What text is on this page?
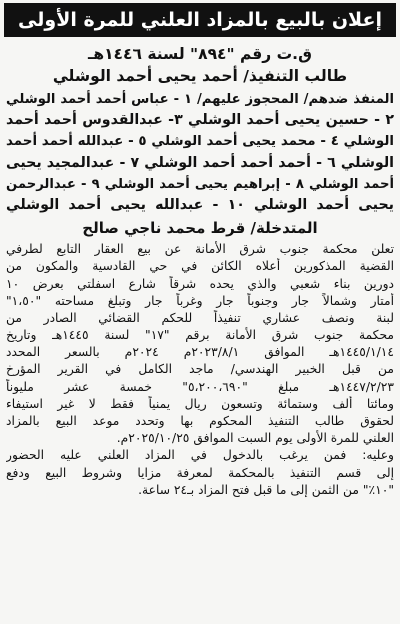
إعلان بالبيع بالمزاد العلني للمرة الأولى
ق.ت رقم "٨٩٤" لسنة ١٤٤٦هـ
طالب التنفيذ/ أحمد يحيى أحمد الوشلي
المنفذ ضدهم/ المحجوز عليهم/ ١ - عباس أحمد أحمد الوشلي
٢ - حسين يحيى أحمد الوشلي ٣- عبدالقدوس أحمد أحمد
الوشلي ٤ - محمد يحيى أحمد الوشلي ٥ - عبدالله أحمد أحمد
الوشلي ٦ - أحمد أحمد أحمد الوشلي ٧ - عبدالمجيد يحيى
أحمد الوشلي ٨ - إبراهيم يحيى أحمد الوشلي ٩ - عبدالرحمن
يحيى أحمد الوشلي ١٠ - عبدالله يحيى أحمد الوشلي
المتدخلة/ قرط محمد ناجي صالح
تعلن محكمة جنوب شرق الأمانة عن بيع العقار التابع لطرفي
القضية المذكورين أعلاه الكائن في حي القادسية والمكون من
دورين بناء شعبي والذي يحده شرقاً شارع اسفلتي بعرض ١٠
أمتار وشمالاً جار وجنوباً جار وغرباً جار وتبلغ مساحته "١،٥٠"
لبنة ونصف عشاري تنفيذاً للحكم القضائي الصادر من
محكمة جنوب شرق الأمانة برقم "١٧" لسنة ١٤٤٥هـ وتاريخ
١٤٤٥/١/١٤هـ الموافق ٢٠٢٣/٨/١م ٢٠٢٤م بالسعر المحدد
من قبل الخبير الهندسي/ ماجد الكامل في القرير المؤرخ
١٤٤٧/٢/٢٣هـ مبلغ "٥،٢٠٠،٦٩٠" خمسة عشر مليوناً
ومائتا ألف وستمائة وتسعون ريال يمنياً فقط لا غير استيفاء
لحقوق طالب التنفيذ المحكوم بها وتحدد موعد البيع بالمزاد
العلني للمرة الأولى يوم السبت الموافق ٢٠٢٥/١٠/٢٥م.
وعليه: فمن يرغب بالدخول في المزاد العلني عليه الحضور
إلى قسم التنفيذ بالمحكمة لمعرفة مزايا وشروط البيع ودفع
"١٠٪" من الثمن إلى ما قبل فتح المزاد بـ٢٤ ساعة.
